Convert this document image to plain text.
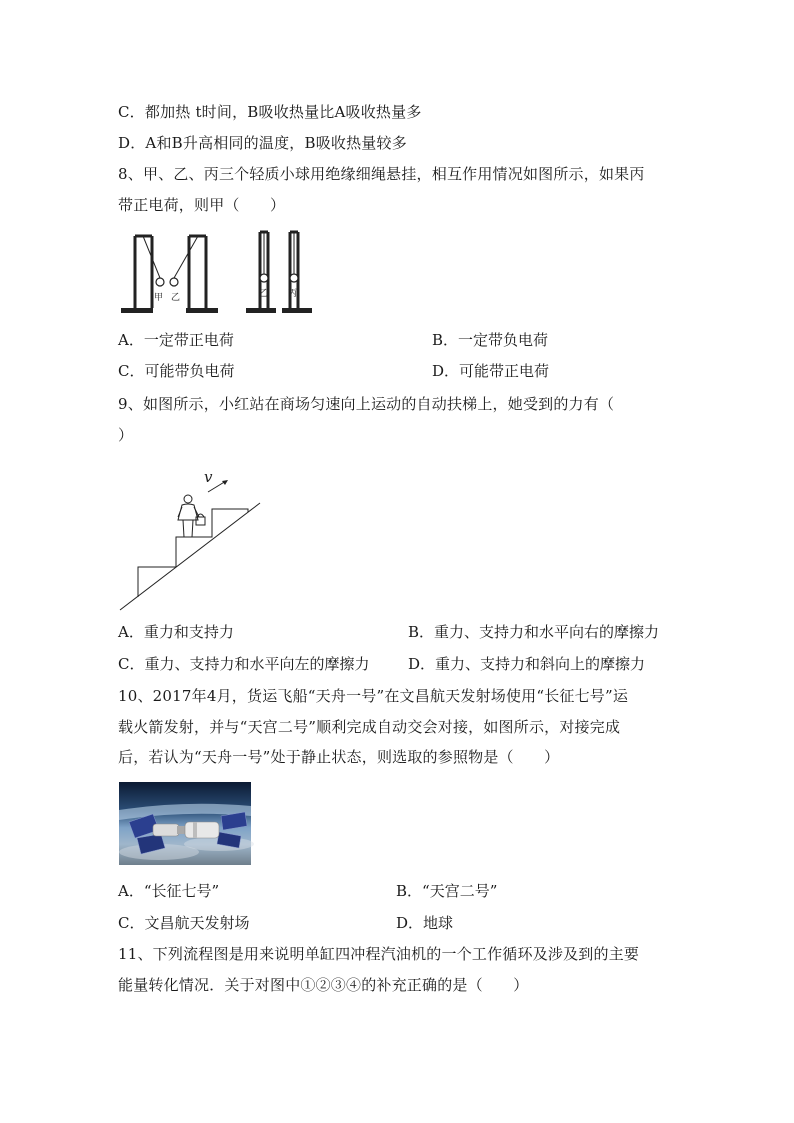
C．都加热 t时间，B吸收热量比A吸收热量多
D．A和B升高相同的温度，B吸收热量较多
8、甲、乙、丙三个轻质小球用绝缘细绳悬挂，相互作用情况如图所示，如果丙
带正电荷，则甲（　　）
甲 乙	乙 丙
A．一定带正电荷	B．一定带负电荷
C．可能带负电荷	D．可能带正电荷
9、如图所示，小红站在商场匀速向上运动的自动扶梯上，她受到的力有（
）
v
A．重力和支持力	B．重力、支持力和水平向右的摩擦力
C．重力、支持力和水平向左的摩擦力	D．重力、支持力和斜向上的摩擦力
10、2017年4月，货运飞船“天舟一号”在文昌航天发射场使用“长征七号”运
载火箭发射，并与“天宫二号”顺利完成自动交会对接，如图所示，对接完成
后，若认为“天舟一号”处于静止状态，则选取的参照物是（　　）
A．“长征七号”	B．“天宫二号”
C．文昌航天发射场	D．地球
11、下列流程图是用来说明单缸四冲程汽油机的一个工作循环及涉及到的主要
能量转化情况．关于对图中①②③④的补充正确的是（　　）
